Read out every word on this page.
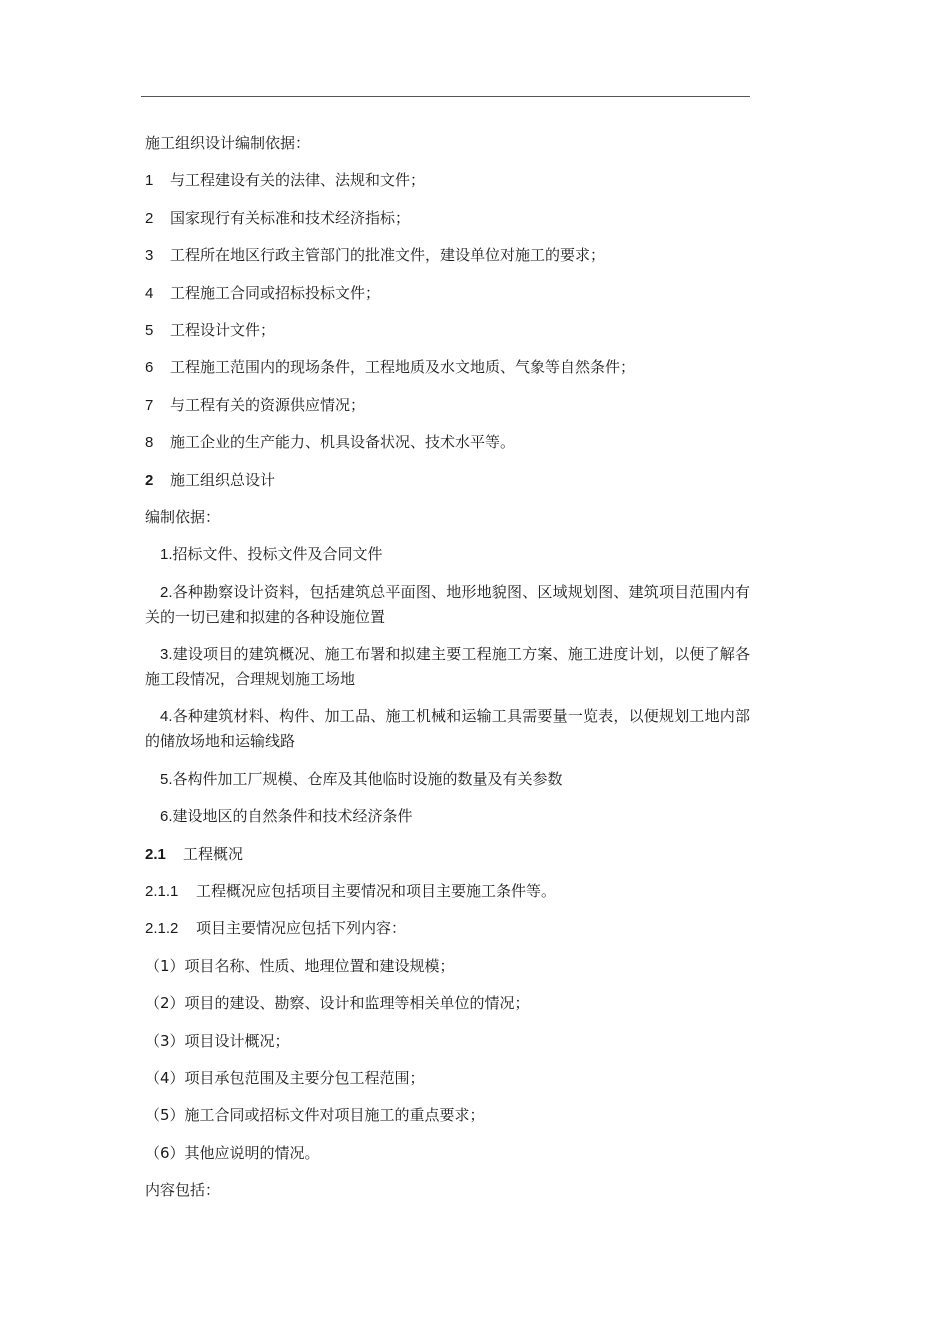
施工组织设计编制依据：
1 与工程建设有关的法律、法规和文件；
2 国家现行有关标准和技术经济指标；
3 工程所在地区行政主管部门的批准文件，建设单位对施工的要求；
4 工程施工合同或招标投标文件；
5 工程设计文件；
6 工程施工范围内的现场条件，工程地质及水文地质、气象等自然条件；
7 与工程有关的资源供应情况；
8 施工企业的生产能力、机具设备状况、技术水平等。
2 施工组织总设计
编制依据：
1.招标文件、投标文件及合同文件
2.各种勘察设计资料，包括建筑总平面图、地形地貌图、区域规划图、建筑项目范围内有关的一切已建和拟建的各种设施位置
3.建设项目的建筑概况、施工布署和拟建主要工程施工方案、施工进度计划，以便了解各施工段情况，合理规划施工场地
4.各种建筑材料、构件、加工品、施工机械和运输工具需要量一览表，以便规划工地内部的储放场地和运输线路
5.各构件加工厂规模、仓库及其他临时设施的数量及有关参数
6.建设地区的自然条件和技术经济条件
2.1 工程概况
2.1.1 工程概况应包括项目主要情况和项目主要施工条件等。
2.1.2 项目主要情况应包括下列内容：
（1）项目名称、性质、地理位置和建设规模；
（2）项目的建设、勘察、设计和监理等相关单位的情况；
（3）项目设计概况；
（4）项目承包范围及主要分包工程范围；
（5）施工合同或招标文件对项目施工的重点要求；
（6）其他应说明的情况。
内容包括：
